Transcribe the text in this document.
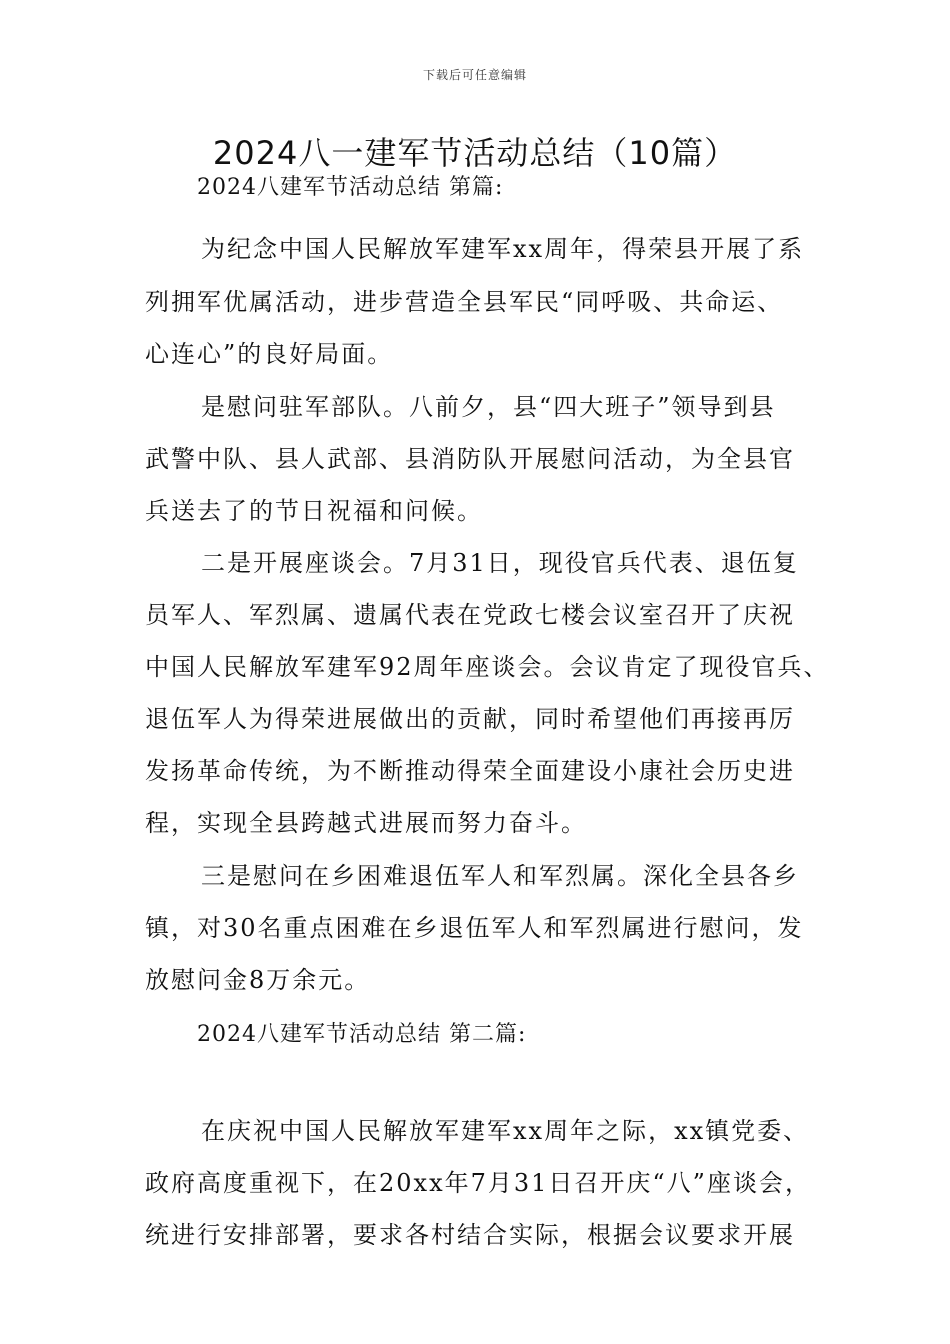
下载后可任意编辑
2024八一建军节活动总结（10篇）
2024八建军节活动总结 第篇:
为纪念中国人民解放军建军xx周年，得荣县开展了系
列拥军优属活动，进步营造全县军民“同呼吸、共命运、
心连心”的良好局面。
是慰问驻军部队。八前夕，县“四大班子”领导到县
武警中队、县人武部、县消防队开展慰问活动，为全县官
兵送去了的节日祝福和问候。
二是开展座谈会。7月31日，现役官兵代表、退伍复
员军人、军烈属、遗属代表在党政七楼会议室召开了庆祝
中国人民解放军建军92周年座谈会。会议肯定了现役官兵、
退伍军人为得荣进展做出的贡献，同时希望他们再接再厉
发扬革命传统，为不断推动得荣全面建设小康社会历史进
程，实现全县跨越式进展而努力奋斗。
三是慰问在乡困难退伍军人和军烈属。深化全县各乡
镇，对30名重点困难在乡退伍军人和军烈属进行慰问，发
放慰问金8万余元。
2024八建军节活动总结 第二篇:
在庆祝中国人民解放军建军xx周年之际，xx镇党委、
政府高度重视下，在20xx年7月31日召开庆“八”座谈会，
统进行安排部署，要求各村结合实际，根据会议要求开展
